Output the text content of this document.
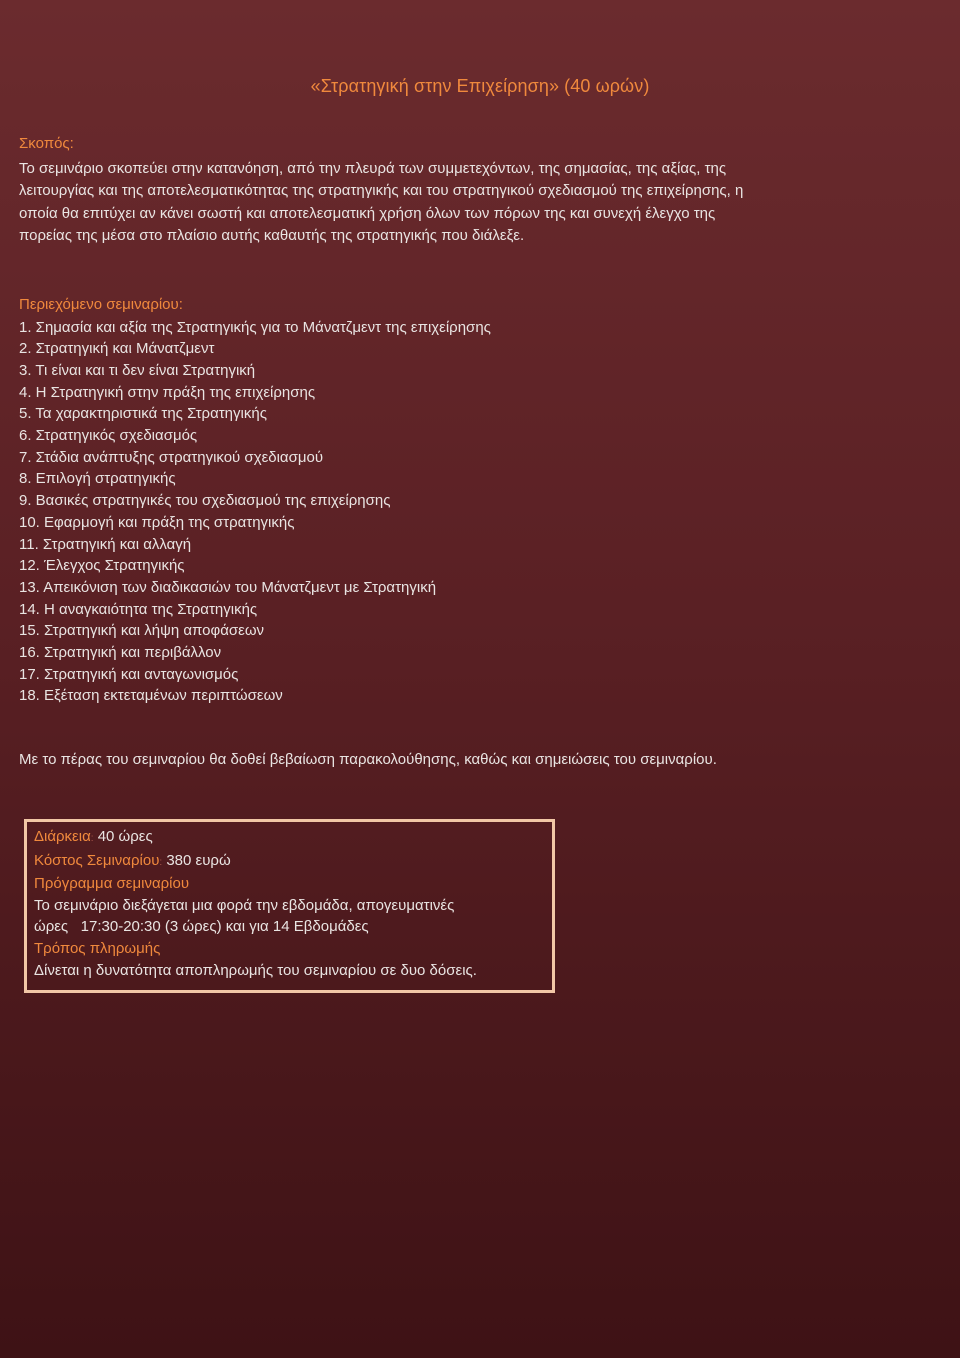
«Στρατηγική στην Επιχείρηση» (40 ωρών)
Σκοπός:
Το σεμινάριο σκοπεύει στην κατανόηση, από την πλευρά των συμμετεχόντων, της σημασίας, της αξίας, της
λειτουργίας και της αποτελεσματικότητας της στρατηγικής και του στρατηγικού σχεδιασμού της επιχείρησης, η
οποία θα επιτύχει αν κάνει σωστή και αποτελεσματική χρήση όλων των πόρων της και συνεχή έλεγχο της
πορείας της μέσα στο πλαίσιο αυτής καθαυτής της στρατηγικής που διάλεξε.
Περιεχόμενο σεμιναρίου:
1. Σημασία και αξία της Στρατηγικής για το Μάνατζμεντ της επιχείρησης
2. Στρατηγική και Μάνατζμεντ
3. Τι είναι και τι δεν είναι Στρατηγική
4. Η Στρατηγική στην πράξη της επιχείρησης
5. Τα χαρακτηριστικά της Στρατηγικής
6. Στρατηγικός σχεδιασμός
7. Στάδια ανάπτυξης στρατηγικού σχεδιασμού
8. Επιλογή στρατηγικής
9. Βασικές στρατηγικές του σχεδιασμού της επιχείρησης
10. Εφαρμογή και πράξη της στρατηγικής
11. Στρατηγική και αλλαγή
12. Έλεγχος Στρατηγικής
13. Απεικόνιση των διαδικασιών του Μάνατζμεντ με Στρατηγική
14. Η αναγκαιότητα της Στρατηγικής
15. Στρατηγική και λήψη αποφάσεων
16. Στρατηγική και περιβάλλον
17. Στρατηγική και ανταγωνισμός
18. Εξέταση εκτεταμένων περιπτώσεων
Με το πέρας του σεμιναρίου θα δοθεί βεβαίωση παρακολούθησης, καθώς και σημειώσεις του σεμιναρίου.
Διάρκεια: 40 ώρες
Κόστος Σεμιναρίου: 380 ευρώ
Πρόγραμμα σεμιναρίου
Το σεμινάριο διεξάγεται μια φορά την εβδομάδα, απογευματινές
ώρες   17:30-20:30 (3 ώρες) και για 14 Εβδομάδες
Τρόπος πληρωμής
Δίνεται η δυνατότητα αποπληρωμής του σεμιναρίου σε δυο δόσεις.
